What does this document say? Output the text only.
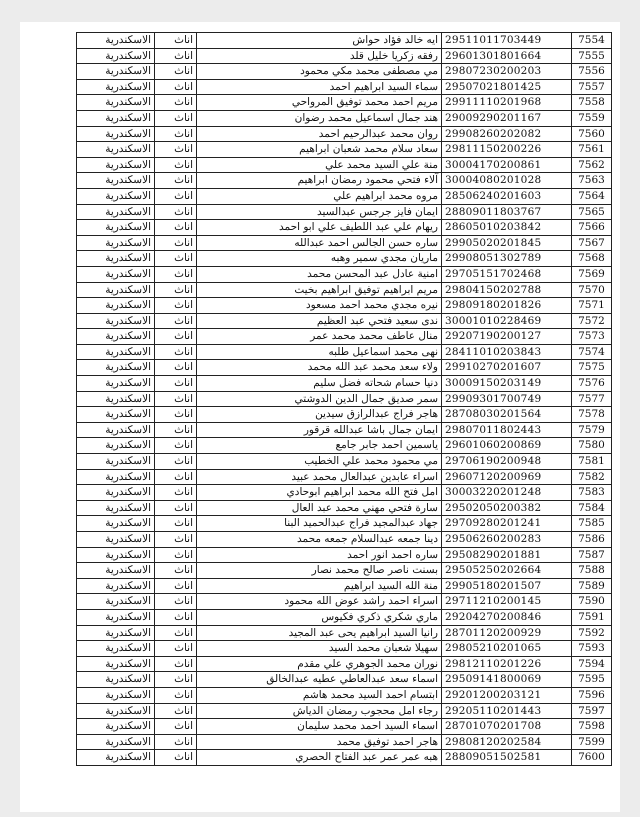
الاسكندرية	اناث	ايه خالد فؤاد حواش	29511011703449	7554
الاسكندرية	اناث	رفقه زكريا خليل قلد	29601301801664	7555
الاسكندرية	اناث	مي مصطفى محمد مكي محمود	29807230200203	7556
الاسكندرية	اناث	سماء السيد ابراهيم احمد	29507021801425	7557
الاسكندرية	اناث	مريم احمد محمد توفيق المرواحي	29911110201968	7558
الاسكندرية	اناث	هند جمال اسماعيل محمد رضوان	29009290201167	7559
الاسكندرية	اناث	روان محمد عبدالرحيم احمد	29908260202082	7560
الاسكندرية	اناث	سعاد سلام محمد شعبان ابراهيم	29811150200226	7561
الاسكندرية	اناث	منة علي السيد محمد علي	30004170200861	7562
الاسكندرية	اناث	آلاء فتحي محمود رمضان ابراهيم	30004080201028	7563
الاسكندرية	اناث	مروه محمد ابراهيم علي	28506240201603	7564
الاسكندرية	اناث	ايمان فايز جرجس عبدالسيد	28809011803767	7565
الاسكندرية	اناث	ريهام علي عبد اللطيف علي ابو احمد	28605010203842	7566
الاسكندرية	اناث	ساره حسن الجالس احمد عبدالله	29905020201845	7567
الاسكندرية	اناث	ماريان مجدي سمير وهبه	29908051302789	7568
الاسكندرية	اناث	امنية عادل عبد المحسن محمد	29705151702468	7569
الاسكندرية	اناث	مريم ابراهيم توفيق ابراهيم بخيت	29804150202788	7570
الاسكندرية	اناث	نيره مجدي محمد احمد مسعود	29809180201826	7571
الاسكندرية	اناث	ندى سعيد فتحي عبد العظيم	30001010228469	7572
الاسكندرية	اناث	منال عاطف محمد محمد عمر	29207190200127	7573
الاسكندرية	اناث	نهى محمد اسماعيل طلبه	28411010203843	7574
الاسكندرية	اناث	ولاء سعد محمد عبد الله محمد	29910270201607	7575
الاسكندرية	اناث	دنيا حسام شحاته فضل سليم	30009150203149	7576
الاسكندرية	اناث	سمر صديق جمال الدين الدوشتي	29909301700749	7577
الاسكندرية	اناث	هاجر فراج عبدالرازق سيدين	28708030201564	7578
الاسكندرية	اناث	ايمان جمال باشا عبدالله قرقور	29807011802443	7579
الاسكندرية	اناث	ياسمين احمد جابر جامع	29601060200869	7580
الاسكندرية	اناث	مي محمود محمد علي الخطيب	29706190200948	7581
الاسكندرية	اناث	اسراء عابدين عبدالعال محمد عبيد	29607120200969	7582
الاسكندرية	اناث	امل فتح الله محمد ابراهيم ابوحادي	30003220201248	7583
الاسكندرية	اناث	سارة فتحي مهني محمد عبد العال	29502050200382	7584
الاسكندرية	اناث	جهاد عبدالمجيد فراج عبدالحميد البنا	29709280201241	7585
الاسكندرية	اناث	دينا جمعه عبدالسلام جمعه محمد	29506260200283	7586
الاسكندرية	اناث	ساره احمد انور احمد	29508290201881	7587
الاسكندرية	اناث	بسنت ناصر صالح محمد نصار	29505250202664	7588
الاسكندرية	اناث	منة الله السيد ابراهيم	29905180201507	7589
الاسكندرية	اناث	اسراء احمد راشد عوض الله محمود	29711210200145	7590
الاسكندرية	اناث	ماري شكري ذكري فكيوس	29204270200846	7591
الاسكندرية	اناث	رانيا السيد ابراهيم يحى عبد المجيد	28701120200929	7592
الاسكندرية	اناث	سهيلا شعبان محمد السيد	29805210201065	7593
الاسكندرية	اناث	نوران محمد الجوهري علي مقدم	29812110201226	7594
الاسكندرية	اناث	اسماء سعد عبدالعاطي عطيه عبدالخالق	29509141800069	7595
الاسكندرية	اناث	ابتسام احمد السيد محمد هاشم	29201200203121	7596
الاسكندرية	اناث	رجاء امل محجوب رمضان الدياش	29205110201443	7597
الاسكندرية	اناث	اسماء السيد احمد محمد سليمان	28701070201708	7598
الاسكندرية	اناث	هاجر احمد توفيق محمد	29808120202584	7599
الاسكندرية	اناث	هبه عمر عمر عبد الفتاح الحصري	28809051502581	7600
